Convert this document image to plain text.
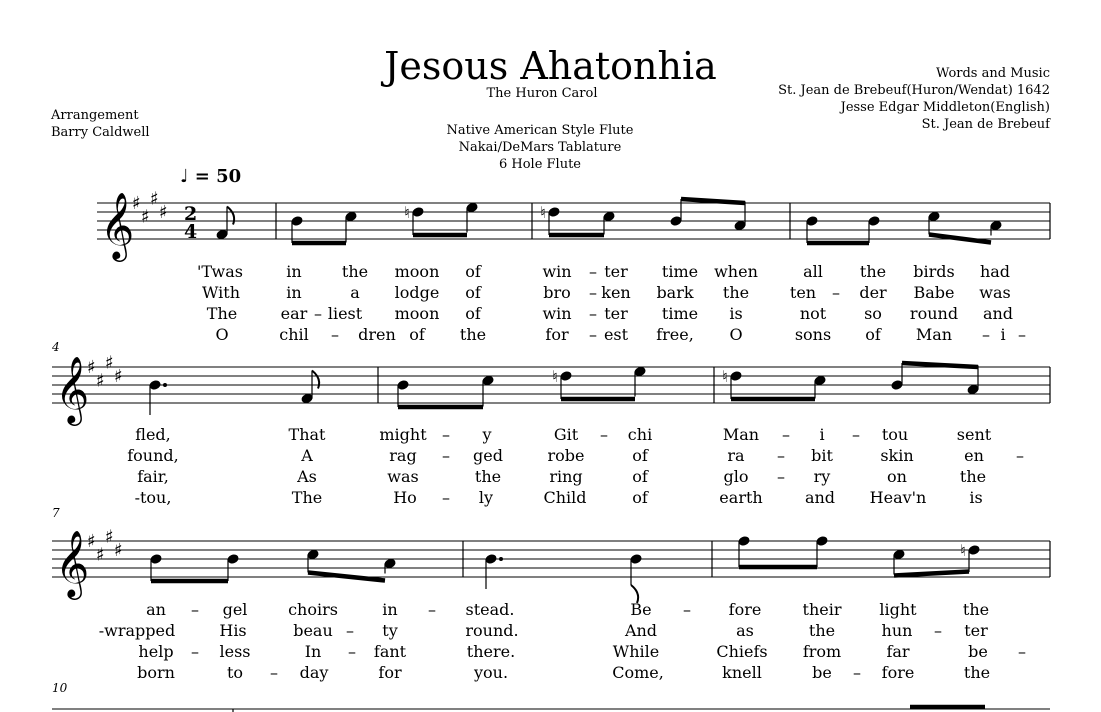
Jesous Ahatonhia
The Huron Carol
Words and Music
St. Jean de Brebeuf(Huron/Wendat) 1642
Jesse Edgar Middleton(English)
St. Jean de Brebeuf
Arrangement
Barry Caldwell	Native American Style Flute
Nakai/DeMars Tablature
6 Hole Flute
♩ = 50
4
7
10
𝄞
♯
♯
♯
♯ 2
4
♮	♮
𝄞
♯
♯
♯
♯	♮	♮
𝄞
♯
♯
♯
♯	♮
'Twas	in	the moon of	win – ter time when	all the birds had
With	in	a lodge of	bro – ken bark the	ten – der Babe was
The	ear – liest moon of	win – ter time is	not so round and
O	chil – dren of the	for – est free, O	sons of Man – i –
fled,	That	might – y	Git – chi	Man – i – tou	sent
found,	A	rag – ged	robe	of	ra – bit	skin	en –
fair,	As	was	the	ring	of	glo – ry	on	the
-tou,	The	Ho – ly	Child	of	earth	and Heav'n	is
an – gel	choirs	in – stead.	Be – fore	their light	the
-wrapped	His	beau – ty	round.	And	as	the	hun – ter
help – less	In – fant	there.	While	Chiefs from	far	be –
born	to – day	for	you.	Come,	knell	be – fore	the
